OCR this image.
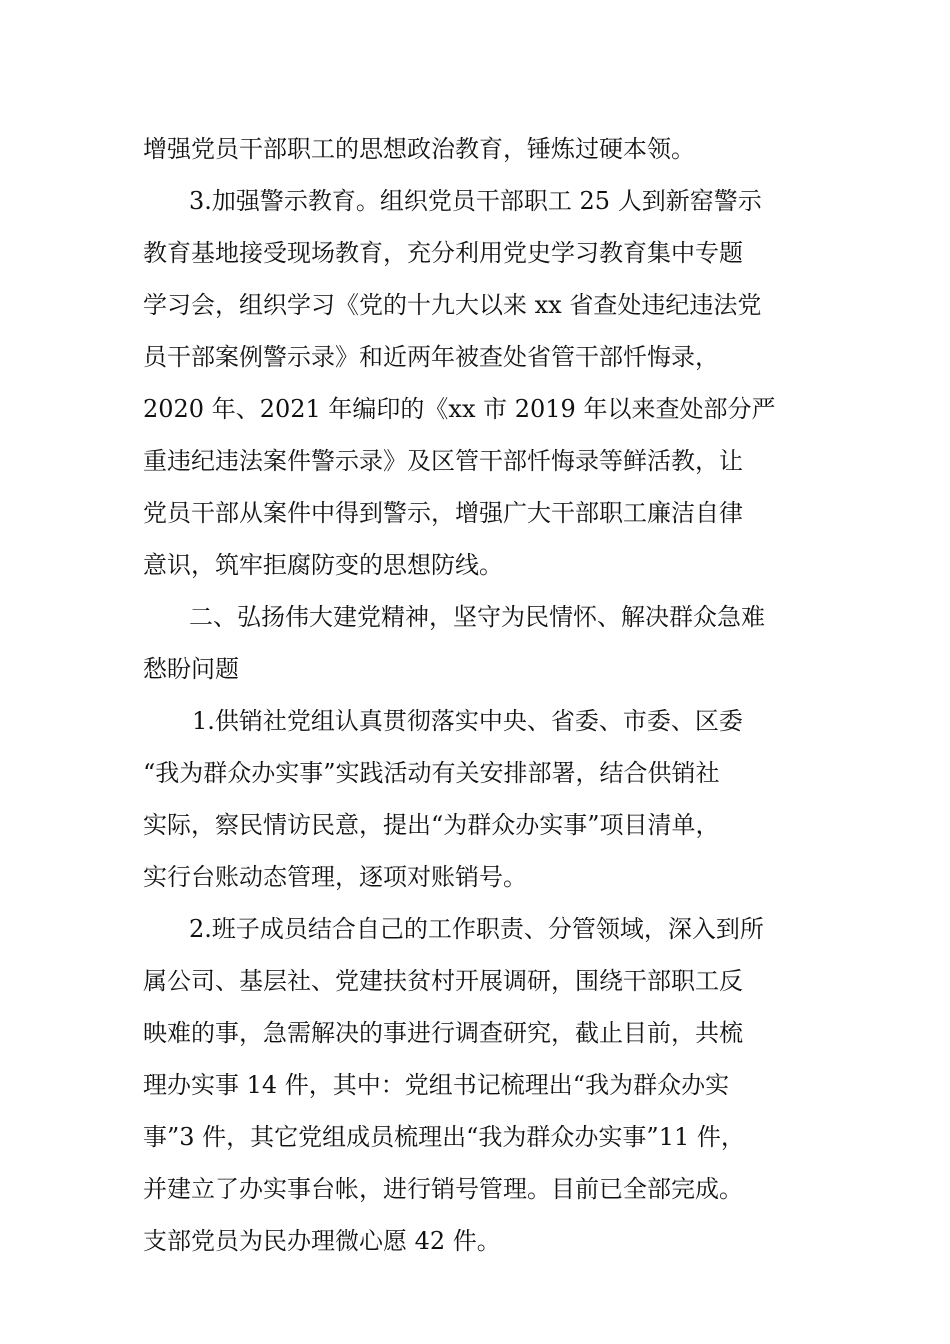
增强党员干部职工的思想政治教育，锤炼过硬本领。
3.加强警示教育。组织党员干部职工 25 人到新窑警示
教育基地接受现场教育，充分利用党史学习教育集中专题
学习会，组织学习《党的十九大以来 xx 省查处违纪违法党
员干部案例警示录》和近两年被查处省管干部忏悔录，
2020 年、2021 年编印的《xx 市 2019 年以来查处部分严
重违纪违法案件警示录》及区管干部忏悔录等鲜活教，让
党员干部从案件中得到警示，增强广大干部职工廉洁自律
意识，筑牢拒腐防变的思想防线。
二、弘扬伟大建党精神，坚守为民情怀、解决群众急难
愁盼问题
1.供销社党组认真贯彻落实中央、省委、市委、区委
“我为群众办实事”实践活动有关安排部署，结合供销社
实际，察民情访民意，提出“为群众办实事”项目清单，
实行台账动态管理，逐项对账销号。
2.班子成员结合自己的工作职责、分管领域，深入到所
属公司、基层社、党建扶贫村开展调研，围绕干部职工反
映难的事，急需解决的事进行调查研究，截止目前，共梳
理办实事 14 件，其中：党组书记梳理出“我为群众办实
事”3 件，其它党组成员梳理出“我为群众办实事”11 件，
并建立了办实事台帐，进行销号管理。目前已全部完成。
支部党员为民办理微心愿 42 件。
